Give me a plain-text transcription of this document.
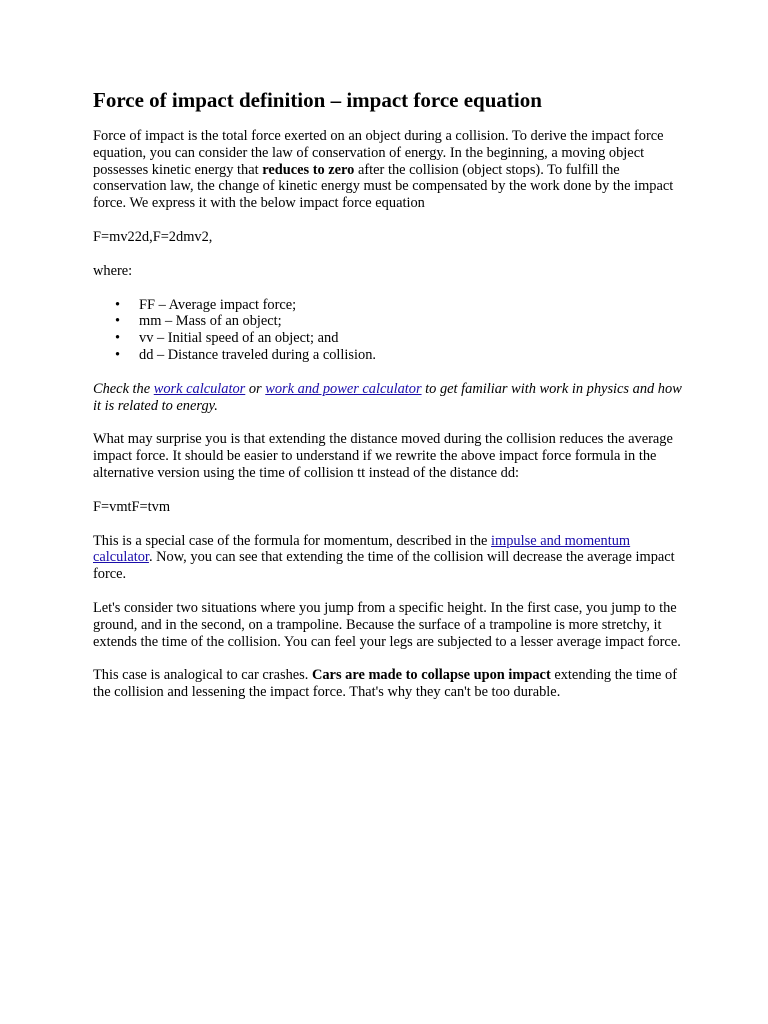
Force of impact definition – impact force equation

Force of impact is the total force exerted on an object during a collision. To derive the impact force equation, you can consider the law of conservation of energy. In the beginning, a moving object possesses kinetic energy that reduces to zero after the collision (object stops). To fulfill the conservation law, the change of kinetic energy must be compensated by the work done by the impact force. We express it with the below impact force equation

F=mv22d,F=2dmv2,

where:

• FF – Average impact force;
• mm – Mass of an object;
• vv – Initial speed of an object; and
• dd – Distance traveled during a collision.

Check the work calculator or work and power calculator to get familiar with work in physics and how it is related to energy.

What may surprise you is that extending the distance moved during the collision reduces the average impact force. It should be easier to understand if we rewrite the above impact force formula in the alternative version using the time of collision tt instead of the distance dd:

F=vmtF=tvm

This is a special case of the formula for momentum, described in the impulse and momentum calculator. Now, you can see that extending the time of the collision will decrease the average impact force.

Let's consider two situations where you jump from a specific height. In the first case, you jump to the ground, and in the second, on a trampoline. Because the surface of a trampoline is more stretchy, it extends the time of the collision. You can feel your legs are subjected to a lesser average impact force.

This case is analogical to car crashes. Cars are made to collapse upon impact extending the time of the collision and lessening the impact force. That's why they can't be too durable.
